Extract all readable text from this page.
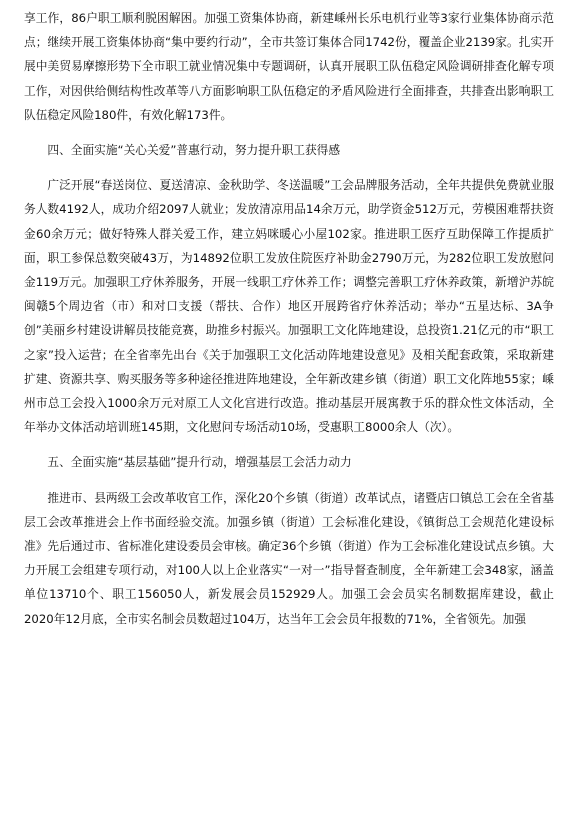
享工作，86户职工顺利脱困解困。加强工资集体协商，新建嵊州长乐电机行业等3家行业集体协商示范点；继续开展工资集体协商“集中要约行动”，全市共签订集体合同1742份，覆盖企业2139家。扎实开展中美贸易摩擦形势下全市职工就业情况集中专题调研，认真开展职工队伍稳定风险调研排查化解专项工作，对因供给侧结构性改革等八方面影响职工队伍稳定的矛盾风险进行全面排查，共排查出影响职工队伍稳定风险180件，有效化解173件。

四、全面实施“关心关爱”普惠行动，努力提升职工获得感

广泛开展“春送岗位、夏送清凉、金秋助学、冬送温暖”工会品牌服务活动，全年共提供免费就业服务人数4192人，成功介绍2097人就业；发放清凉用品14余万元，助学资金512万元，劳模困难帮扶资金60余万元；做好特殊人群关爱工作，建立妈咪暖心小屋102家。推进职工医疗互助保障工作提质扩面，职工参保总数突破43万，为14892位职工发放住院医疗补助金2790万元，为282位职工发放慰问金119万元。加强职工疗休养服务，开展一线职工疗休养工作；调整完善职工疗休养政策，新增沪苏皖闽赣5个周边省（市）和对口支援（帮扶、合作）地区开展跨省疗休养活动；举办“五星达标、3A争创”美丽乡村建设讲解员技能竞赛，助推乡村振兴。加强职工文化阵地建设，总投资1.21亿元的市“职工之家”投入运营；在全省率先出台《关于加强职工文化活动阵地建设意见》及相关配套政策，采取新建扩建、资源共享、购买服务等多种途径推进阵地建设，全年新改建乡镇（街道）职工文化阵地55家；嵊州市总工会投入1000余万元对原工人文化宫进行改造。推动基层开展寓教于乐的群众性文体活动，全年举办文体活动培训班145期，文化慰问专场活动10场，受惠职工8000余人（次）。

五、全面实施“基层基础”提升行动，增强基层工会活力动力

推进市、县两级工会改革收官工作，深化20个乡镇（街道）改革试点，诸暨店口镇总工会在全省基层工会改革推进会上作书面经验交流。加强乡镇（街道）工会标准化建设，《镇街总工会规范化建设标准》先后通过市、省标准化建设委员会审核。确定36个乡镇（街道）作为工会标准化建设试点乡镇。大力开展工会组建专项行动，对100人以上企业落实“一对一”指导督查制度，全年新建工会348家，涵盖单位13710个、职工156050人，新发展会员152929人。加强工会会员实名制数据库建设，截止2020年12月底，全市实名制会员数超过104万，达当年工会会员年报数的71%，全省领先。加强
